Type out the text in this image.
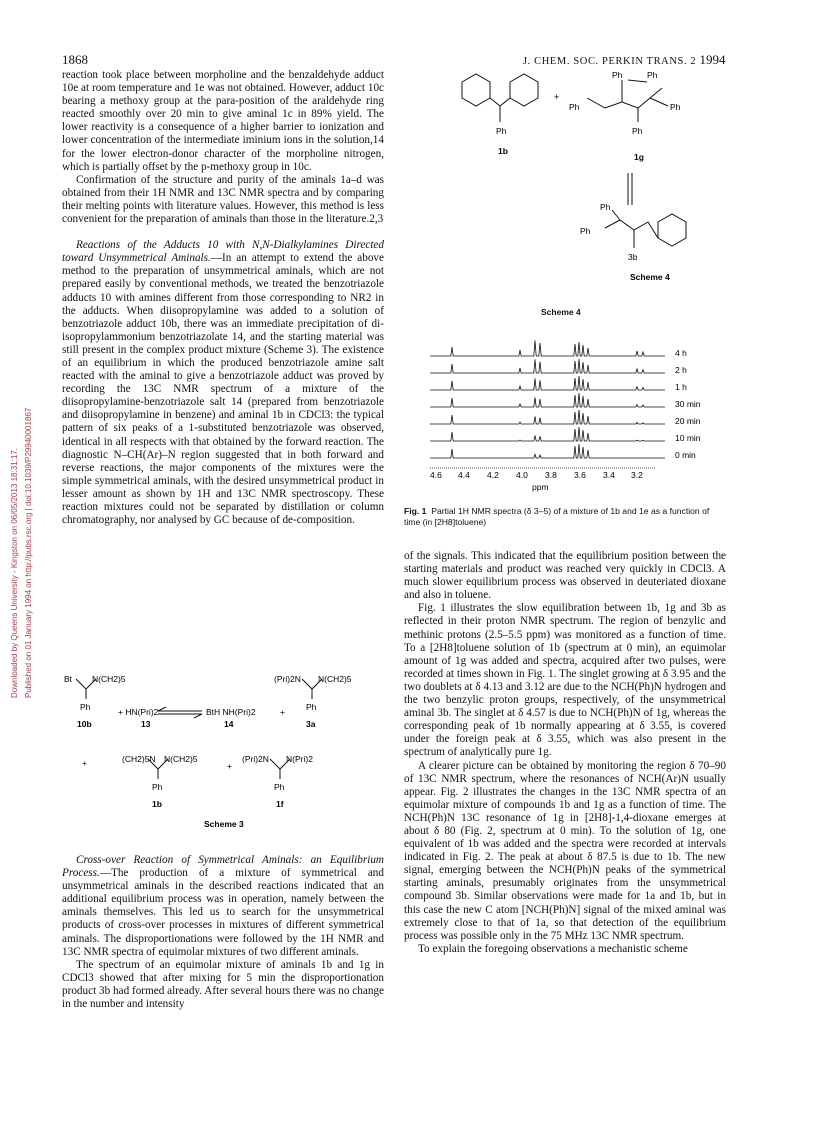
1868	J. CHEM. SOC. PERKIN TRANS. 2 1994
Downloaded by Queens University - Kingston on 06/05/2013 18:31:17. Published on 01 January 1994 on http://pubs.rsc.org | doi:10.1039/P29940001867

reaction took place between morpholine and the benzaldehyde adduct 10e at room temperature and 1e was not obtained. However, adduct 10c bearing a methoxy group at the para-position of the araldehyde ring reacted smoothly over 20 min to give aminal 1c in 89% yield. The lower reactivity is a consequence of a higher barrier to ionization and lower concentration of the intermediate iminium ions in the solution,14 for the lower electron-donor character of the morpholine nitrogen, which is partially offset by the p-methoxy group in 10c.

Confirmation of the structure and purity of the aminals 1a–d was obtained from their 1H NMR and 13C NMR spectra and by comparing their melting points with literature values. However, this method is less convenient for the preparation of aminals than those in the literature.2,3

Reactions of the Adducts 10 with N,N-Dialkylamines Directed toward Unsymmetrical Aminals.—In an attempt to extend the above method to the preparation of unsymmetrical aminals, which are not prepared easily by conventional methods, we treated the benzotriazole adducts 10 with amines different from those corresponding to NR2 in the adducts. When diisopropylamine was added to a solution of benzotriazole adduct 10b, there was an immediate precipitation of di-isopropylammonium benzotriazolate 14, and the starting material was still present in the complex product mixture (Scheme 3). The existence of an equilibrium in which the produced benzotriazole amine salt reacted with the aminal to give a benzotriazole adduct was proved by recording the 13C NMR spectrum of a mixture of the diisopropylamine-benzotriazole salt 14 (prepared from benzotriazole and diisopropylamine in benzene) and aminal 1b in CDCl3: the typical pattern of six peaks of a 1-substituted benzotriazole was observed, identical in all respects with that obtained by the forward reaction. The diagnostic N–CH(Ar)–N region suggested that in both forward and reverse reactions, the major components of the mixtures were the simple symmetrical aminals, with the desired unsymmetrical product in lesser amount as shown by 1H and 13C NMR spectroscopy. These reaction mixtures could not be separated by distillation or column chromatography, nor analysed by GC because of de-composition.

Bt N(CH2)5
Ph
10b
+ HN(Pri)2
13
BtH NH(Pri)2
14
+
(Pri)2N N(CH2)5
Ph
3a
+	(CH2)5N N(CH2)5
Ph
1b
+
(Pri)2N N(Pri)2
Ph
1f
Scheme 3

Cross-over Reaction of Symmetrical Aminals: an Equilibrium Process.—The production of a mixture of symmetrical and unsymmetrical aminals in the described reactions indicated that an additional equilibrium process was in operation, namely between the aminals themselves. This led us to search for the unsymmetrical products of cross-over processes in mixtures of different symmetrical aminals. The disproportionations were followed by the 1H NMR and 13C NMR spectra of equimolar mixtures of two different aminals.

The spectrum of an equimolar mixture of aminals 1b and 1g in CDCl3 showed that after mixing for 5 min the disproportionation product 3b had formed already. After several hours there was no change in the number and intensity

Ph
1b
+
Ph
Ph	Ph
Ph
1g
Ph
Ph
Ph
3b
Scheme 4
Scheme 4
ppm
4 h
2 h
1 h
30 min
20 min
10 min
0 min
4.6 4.4 4.2 4.0 3.8 3.6 3.4 3.2
Fig. 1 Partial 1H NMR spectra (δ 3–5) of a mixture of 1b and 1e as a function of time (in [2H8]toluene)

of the signals. This indicated that the equilibrium position between the starting materials and product was reached very quickly in CDCl3. A much slower equilibrium process was observed in deuteriated dioxane and also in toluene.

Fig. 1 illustrates the slow equilibration between 1b, 1g and 3b as reflected in their proton NMR spectrum. The region of benzylic and methinic protons (2.5–5.5 ppm) was monitored as a function of time. To a [2H8]toluene solution of 1b (spectrum at 0 min), an equimolar amount of 1g was added and spectra, acquired after two pulses, were recorded at times shown in Fig. 1. The singlet growing at δ 3.95 and the two doublets at δ 4.13 and 3.12 are due to the NCH(Ph)N hydrogen and the two benzylic proton groups, respectively, of the unsymmetrical aminal 3b. The singlet at δ 4.57 is due to NCH(Ph)N of 1g, whereas the corresponding peak of 1b normally appearing at δ 3.55, is covered under the foreign peak at δ 3.55, which was also present in the spectrum of analytically pure 1g.

A clearer picture can be obtained by monitoring the region δ 70–90 of 13C NMR spectrum, where the resonances of NCH(Ar)N usually appear. Fig. 2 illustrates the changes in the 13C NMR spectra of an equimolar mixture of compounds 1b and 1g as a function of time. The NCH(Ph)N 13C resonance of 1g in [2H8]-1,4-dioxane emerges at about δ 80 (Fig. 2, spectrum at 0 min). To the solution of 1g, one equivalent of 1b was added and the spectra were recorded at intervals indicated in Fig. 2. The peak at about δ 87.5 is due to 1b. The new signal, emerging between the NCH(Ph)N peaks of the symmetrical starting aminals, presumably originates from the unsymmetrical compound 3b. Similar observations were made for 1a and 1b, but in this case the new C atom [NCH(Ph)N] signal of the mixed aminal was extremely close to that of 1a, so that detection of the equilibrium process was possible only in the 75 MHz 13C NMR spectrum.

To explain the foregoing observations a mechanistic scheme
